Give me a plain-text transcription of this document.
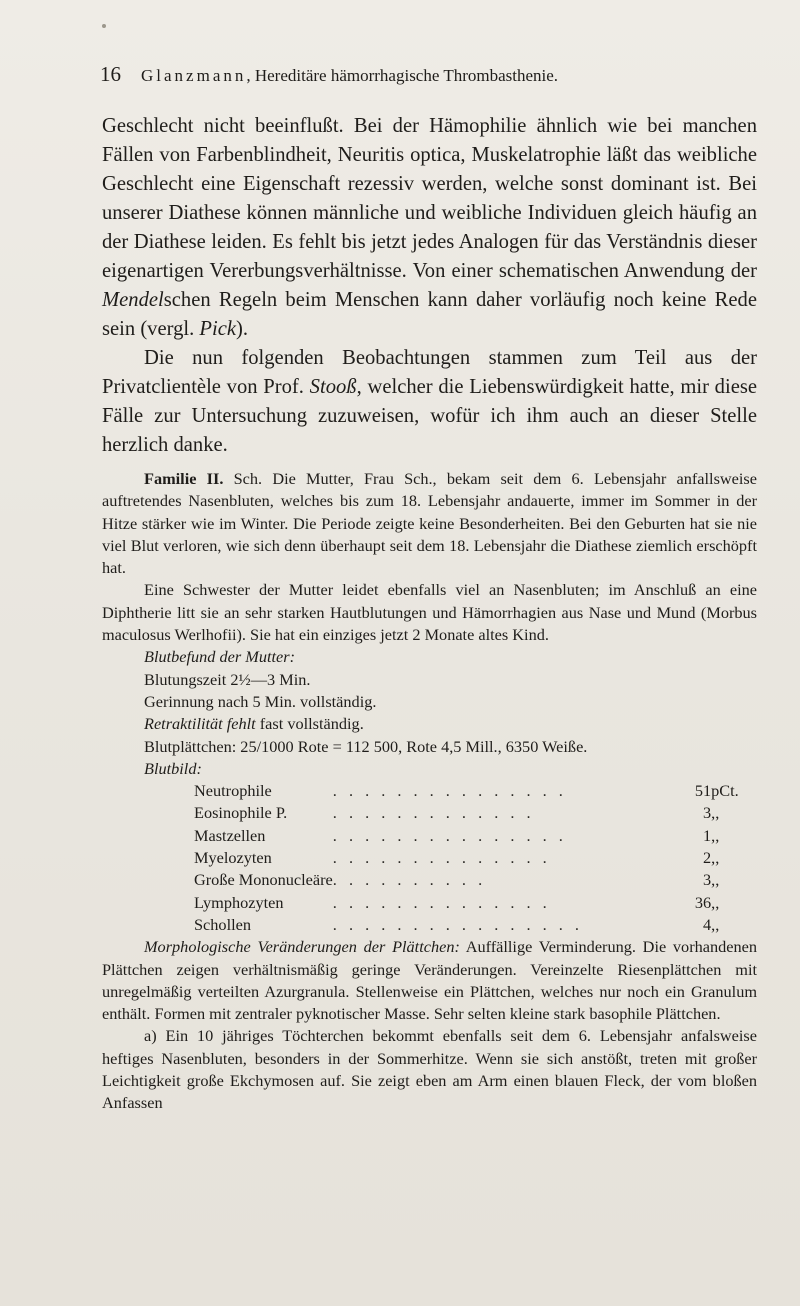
16 Glanzmann, Hereditäre hämorrhagische Thrombasthenie.

Geschlecht nicht beeinflußt. Bei der Hämophilie ähnlich wie bei manchen Fällen von Farbenblindheit, Neuritis optica, Muskelatrophie läßt das weibliche Geschlecht eine Eigenschaft rezessiv werden, welche sonst dominant ist. Bei unserer Diathese können männliche und weibliche Individuen gleich häufig an der Diathese leiden. Es fehlt bis jetzt jedes Analogen für das Verständnis dieser eigenartigen Vererbungsverhältnisse. Von einer schematischen Anwendung der Mendelschen Regeln beim Menschen kann daher vorläufig noch keine Rede sein (vergl. Pick).

Die nun folgenden Beobachtungen stammen zum Teil aus der Privatclientèle von Prof. Stooß, welcher die Liebenswürdigkeit hatte, mir diese Fälle zur Untersuchung zuzuweisen, wofür ich ihm auch an dieser Stelle herzlich danke.

Familie II. Sch. Die Mutter, Frau Sch., bekam seit dem 6. Lebensjahr anfallsweise auftretendes Nasenbluten, welches bis zum 18. Lebensjahr andauerte, immer im Sommer in der Hitze stärker wie im Winter. Die Periode zeigte keine Besonderheiten. Bei den Geburten hat sie nie viel Blut verloren, wie sich denn überhaupt seit dem 18. Lebensjahr die Diathese ziemlich erschöpft hat.

Eine Schwester der Mutter leidet ebenfalls viel an Nasenbluten; im Anschluß an eine Diphtherie litt sie an sehr starken Hautblutungen und Hämorrhagien aus Nase und Mund (Morbus maculosus Werlhofii). Sie hat ein einziges jetzt 2 Monate altes Kind.

Blutbefund der Mutter:

Blutungszeit 2½—3 Min.

Gerinnung nach 5 Min. vollständig.

Retraktilität fehlt fast vollständig.

Blutplättchen: 25/1000 Rote = 112 500, Rote 4,5 Mill., 6350 Weiße.

Blutbild:

Neutrophile	. . . . . . . . . . . . . . .	51	pCt.
Eosinophile P.	. . . . . . . . . . . . .	3	,,
Mastzellen	. . . . . . . . . . . . . . .	1	,,
Myelozyten	. . . . . . . . . . . . . .	2	,,
Große Mononucleäre	. . . . . . . . . .	3	,,
Lymphozyten	. . . . . . . . . . . . . .	36	,,
Schollen	. . . . . . . . . . . . . . . .	4	,,

Morphologische Veränderungen der Plättchen: Auffällige Verminderung. Die vorhandenen Plättchen zeigen verhältnismäßig geringe Veränderungen. Vereinzelte Riesenplättchen mit unregelmäßig verteilten Azurgranula. Stellenweise ein Plättchen, welches nur noch ein Granulum enthält. Formen mit zentraler pyknotischer Masse. Sehr selten kleine stark basophile Plättchen.

a) Ein 10 jähriges Töchterchen bekommt ebenfalls seit dem 6. Lebensjahr anfalsweise heftiges Nasenbluten, besonders in der Sommerhitze. Wenn sie sich anstößt, treten mit großer Leichtigkeit große Ekchymosen auf. Sie zeigt eben am Arm einen blauen Fleck, der vom bloßen Anfassen
